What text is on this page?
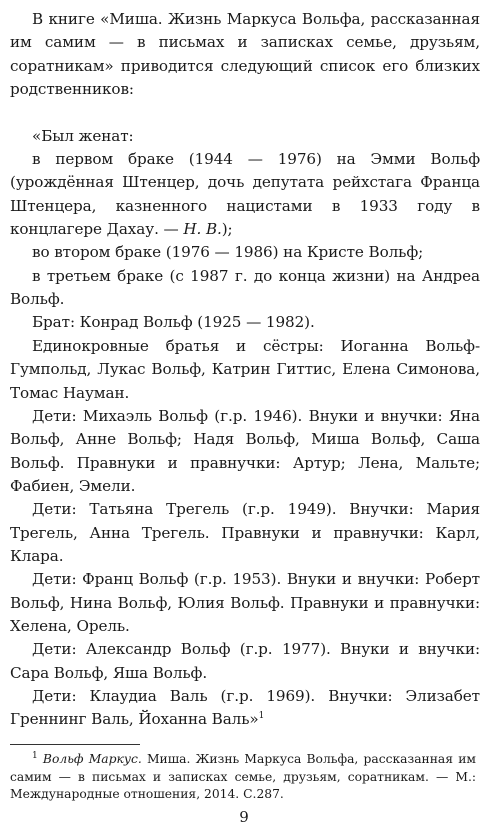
В книге «Миша. Жизнь Маркуса Вольфа, рассказанная им самим — в письмах и записках семье, друзьям, соратникам» приводится следующий список его близких родственников:

«Был женат:

в первом браке (1944 — 1976) на Эмми Вольф (урождённая Штенцер, дочь депутата рейхстага Франца Штенцера, казненного нацистами в 1933 году в концлагере Дахау. — Н. В.);

во втором браке (1976 — 1986) на Кристе Вольф;

в третьем браке (с 1987 г. до конца жизни) на Андреа Вольф.

Брат: Конрад Вольф (1925 — 1982).

Единокровные братья и сёстры: Иоганна Вольф-Гумпольд, Лукас Вольф, Катрин Гиттис, Елена Симонова, Томас Науман.

Дети: Михаэль Вольф (г.р. 1946). Внуки и внучки: Яна Вольф, Анне Вольф; Надя Вольф, Миша Вольф, Саша Вольф. Правнуки и правнучки: Артур; Лена, Мальте; Фабиен, Эмели.

Дети: Татьяна Трегель (г.р. 1949). Внучки: Мария Трегель, Анна Трегель. Правнуки и правнучки: Карл, Клара.

Дети: Франц Вольф (г.р. 1953). Внуки и внучки: Роберт Вольф, Нина Вольф, Юлия Вольф. Правнуки и правнучки: Хелена, Орель.

Дети: Александр Вольф (г.р. 1977). Внуки и внучки: Сара Вольф, Яша Вольф.

Дети: Клаудиа Валь (г.р. 1969). Внучки: Элизабет Греннинг Валь, Йоханна Валь»$^1$

$^1$ Вольф Маркус. Миша. Жизнь Маркуса Вольфа, рассказанная им самим — в письмах и записках семье, друзьям, соратникам. — М.: Международные отношения, 2014. С.287.

9
